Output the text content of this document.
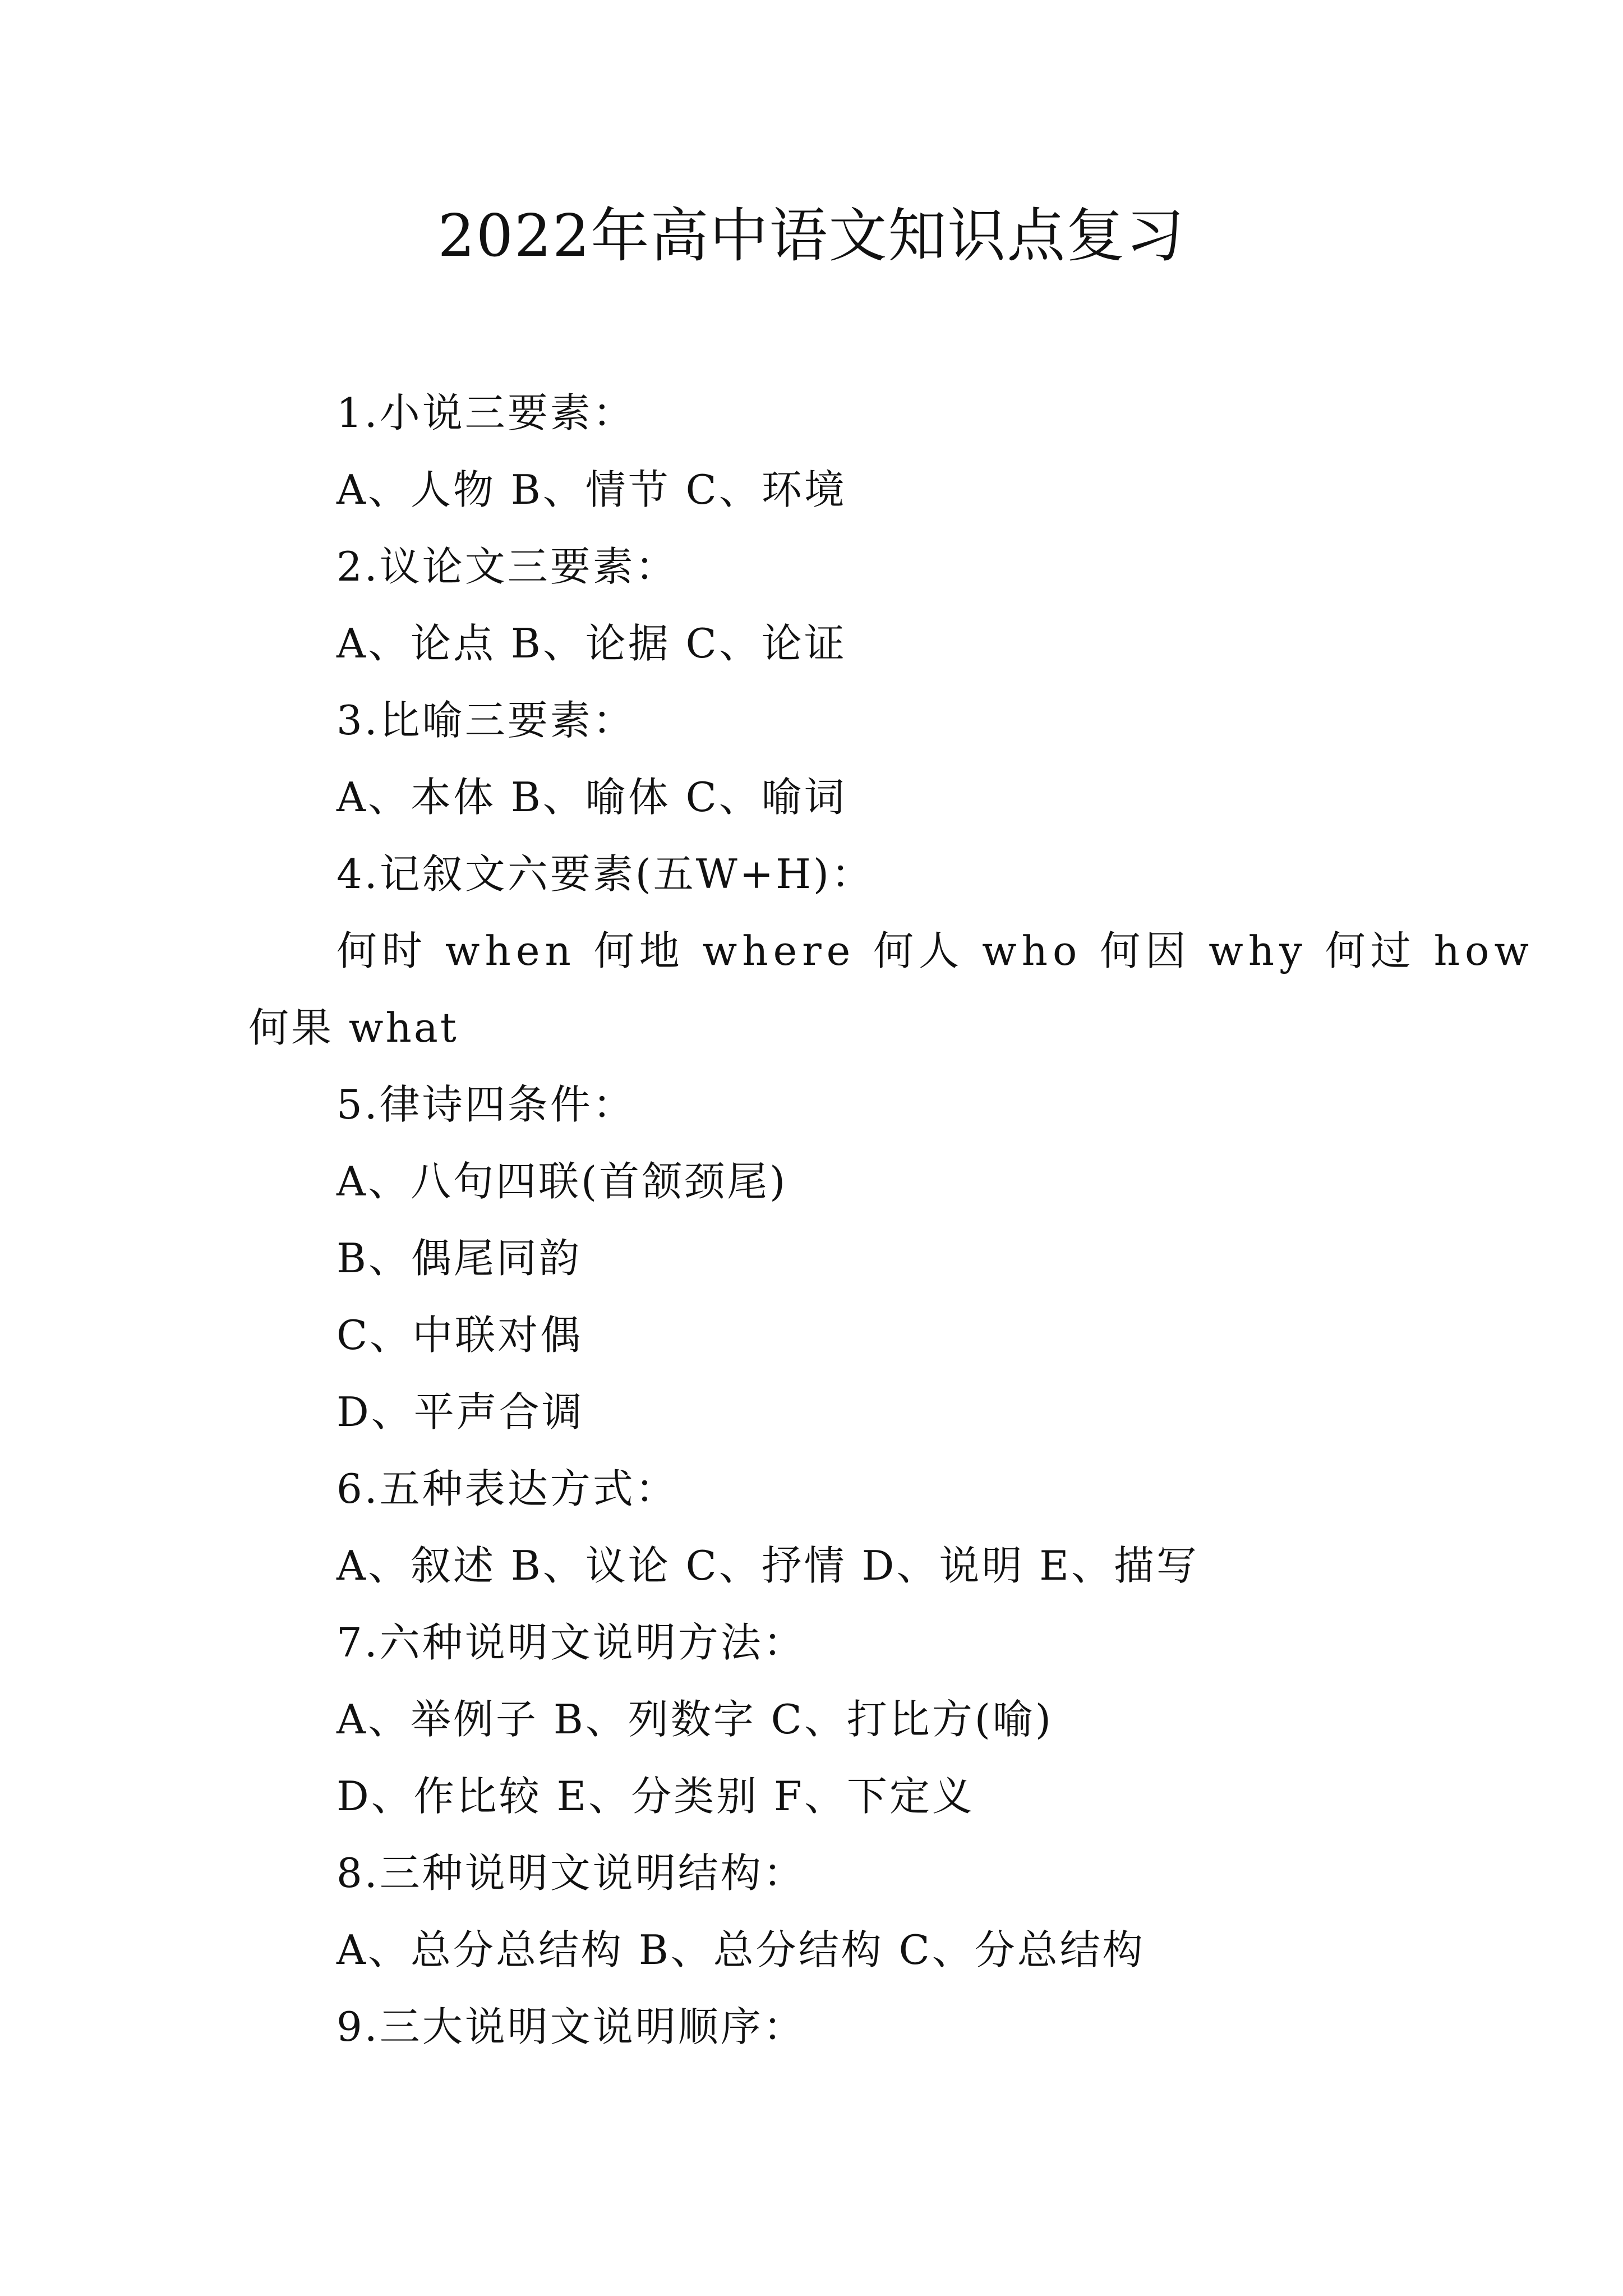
2022年高中语文知识点复习
1.小说三要素：
A、人物 B、情节 C、环境
2.议论文三要素：
A、论点 B、论据 C、论证
3.比喻三要素：
A、本体 B、喻体 C、喻词
4.记叙文六要素(五W+H)：
何时 when 何地 where 何人 who 何因 why 何过 how
何果 what
5.律诗四条件：
A、八句四联(首颔颈尾)
B、偶尾同韵
C、中联对偶
D、平声合调
6.五种表达方式：
A、叙述 B、议论 C、抒情 D、说明 E、描写
7.六种说明文说明方法：
A、举例子 B、列数字 C、打比方(喻)
D、作比较 E、分类别 F、下定义
8.三种说明文说明结构：
A、总分总结构 B、总分结构 C、分总结构
9.三大说明文说明顺序：
